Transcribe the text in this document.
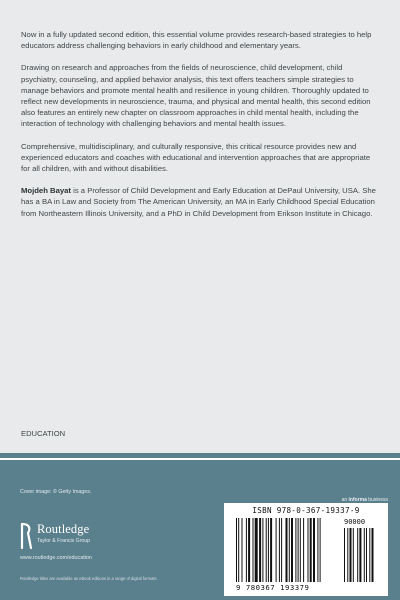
Now in a fully updated second edition, this essential volume provides research-based strategies to help educators address challenging behaviors in early childhood and elementary years.

Drawing on research and approaches from the fields of neuroscience, child development, child psychiatry, counseling, and applied behavior analysis, this text offers teachers simple strategies to manage behaviors and promote mental health and resilience in young children. Thoroughly updated to reflect new developments in neuroscience, trauma, and physical and mental health, this second edition also features an entirely new chapter on classroom approaches in child mental health, including the interaction of technology with challenging behaviors and mental health issues.

Comprehensive, multidisciplinary, and culturally responsive, this critical resource provides new and experienced educators and coaches with educational and intervention approaches that are appropriate for all children, with and without disabilities.

Mojdeh Bayat is a Professor of Child Development and Early Education at DePaul University, USA. She has a BA in Law and Society from The American University, an MA in Early Childhood Special Education from Northeastern Illinois University, and a PhD in Child Development from Erikson Institute in Chicago.

EDUCATION
Cover image: © Getty Images.
an informa business
Routledge
Taylor & Francis Group
www.routledge.com/education
Routledge titles are available as eBook editions in a range of digital formats
ISBN 978-0-367-19337-9
90000
9 780367 193379
